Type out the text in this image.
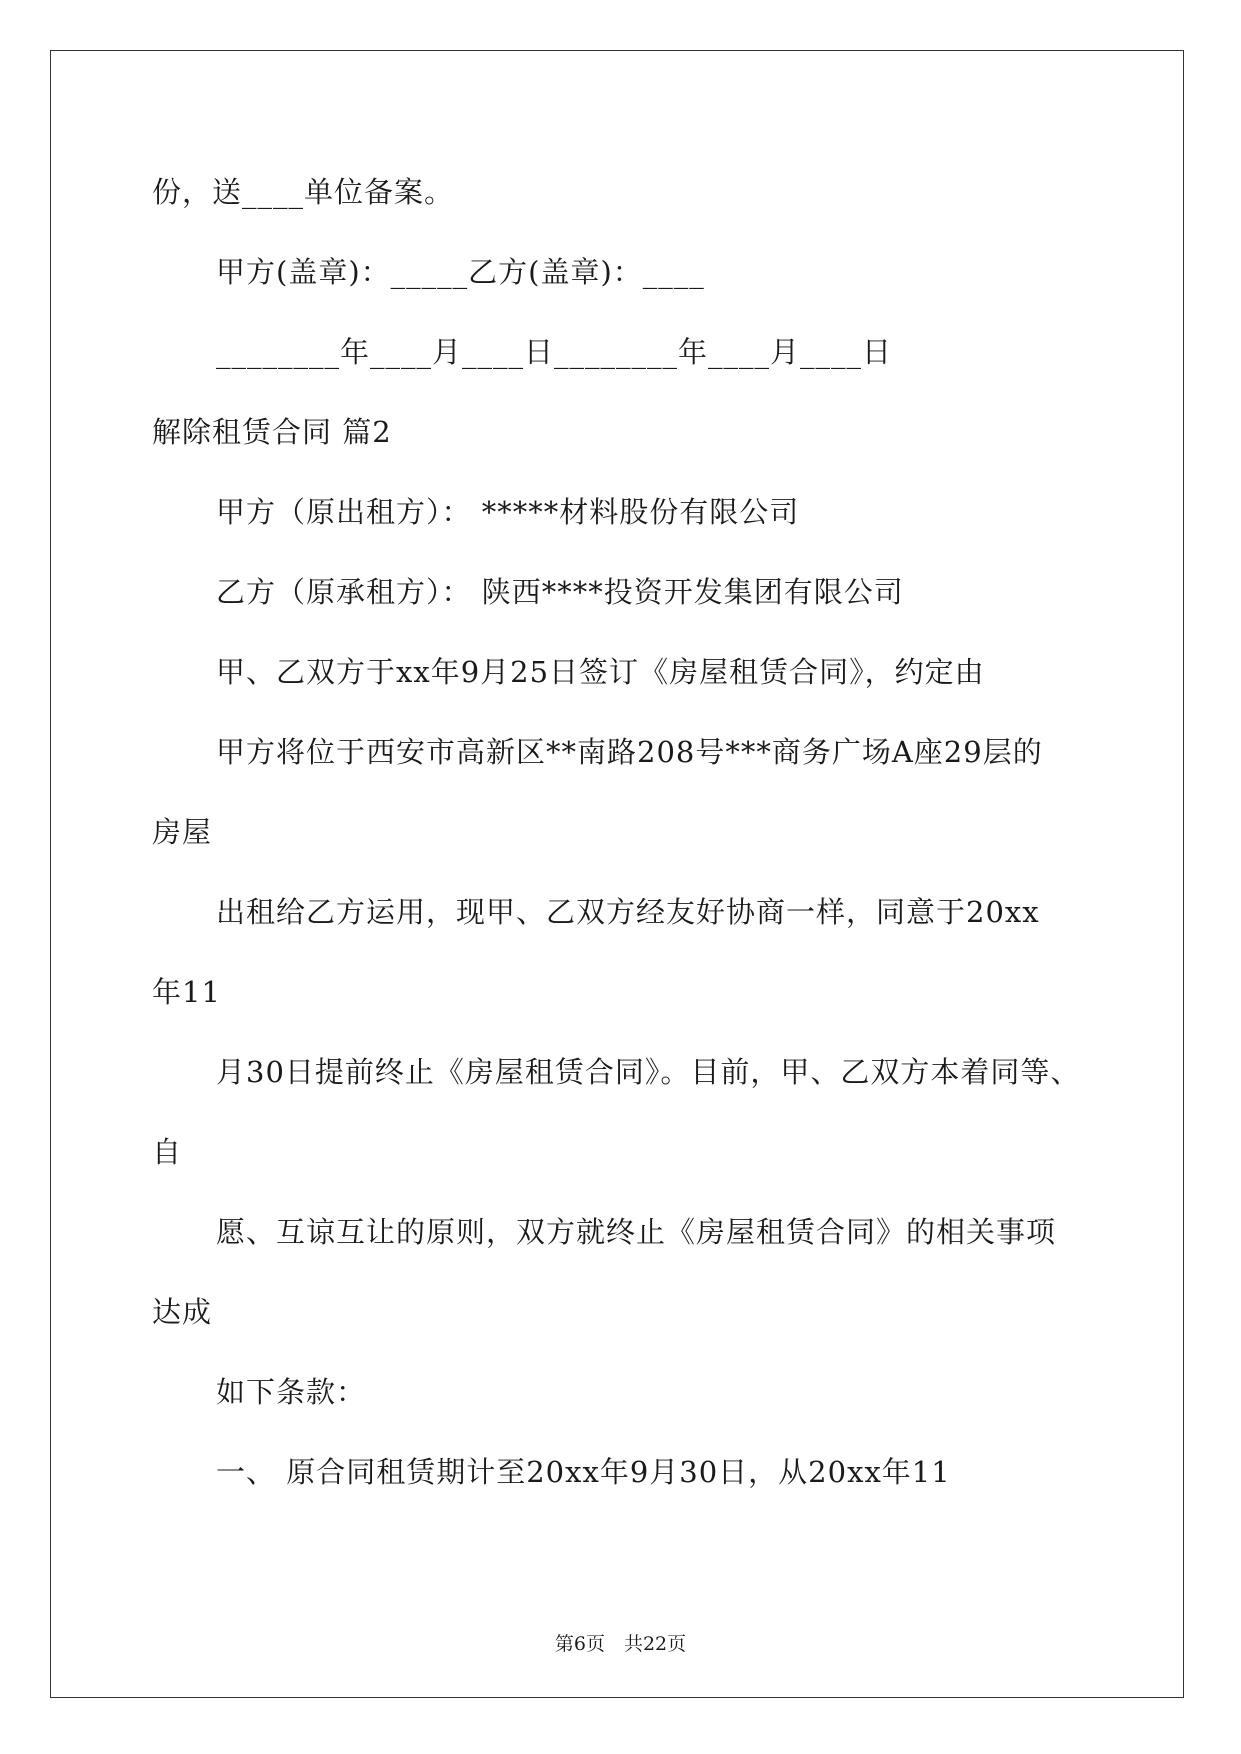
份，送____单位备案。
甲方(盖章)：_____乙方(盖章)：____
________年____月____日________年____月____日
解除租赁合同 篇2
甲方（原出租方）： *****材料股份有限公司
乙方（原承租方）： 陕西****投资开发集团有限公司
甲、乙双方于xx年9月25日签订《房屋租赁合同》，约定由
甲方将位于西安市高新区**南路208号***商务广场A座29层的
房屋
出租给乙方运用，现甲、乙双方经友好协商一样，同意于20xx
年11
月30日提前终止《房屋租赁合同》。目前，甲、乙双方本着同等、
自
愿、互谅互让的原则，双方就终止《房屋租赁合同》的相关事项
达成
如下条款：
一、 原合同租赁期计至20xx年9月30日，从20xx年11
第6页　共22页
